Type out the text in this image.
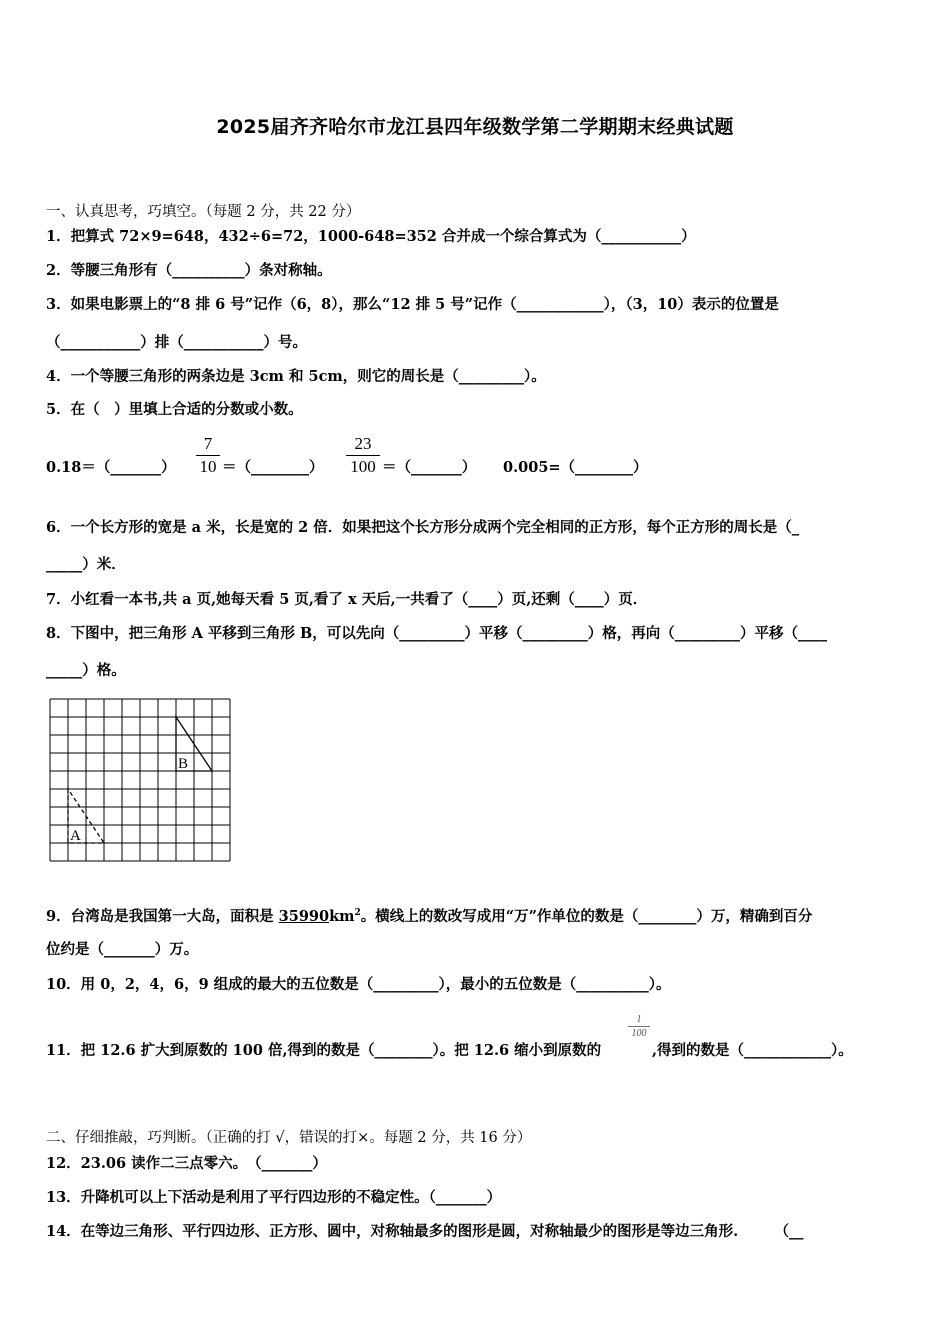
2025届齐齐哈尔市龙江县四年级数学第二学期期末经典试题
一、认真思考，巧填空。（每题 2 分，共 22 分）
1．把算式 72×9=648，432÷6=72，1000-648=352 合并成一个综合算式为（___________）
2．等腰三角形有（__________）条对称轴。
3．如果电影票上的“8 排 6 号”记作（6，8），那么“12 排 5 号”记作（____________），（3，10）表示的位置是
（___________）排（___________）号。
4．一个等腰三角形的两条边是 3cm 和 5cm，则它的周长是（_________）。
5．在（　）里填上合适的分数或小数。
0.18＝（_______）
7
10 ＝（________）
23
100 ＝（_______） 0.005=（________）
6．一个长方形的宽是 a 米，长是宽的 2 倍．如果把这个长方形分成两个完全相同的正方形，每个正方形的周长是（_
_____）米．
7．小红看一本书,共 a 页,她每天看 5 页,看了 x 天后,一共看了（____）页,还剩（____）页．
8．下图中，把三角形 A 平移到三角形 B，可以先向（_________）平移（_________）格，再向（_________）平移（____
_____）格。
A
B
9．台湾岛是我国第一大岛，面积是 $35990km^2$。横线上的数改写成用“万”作单位的数是（________）万，精确到百分
位约是（_______）万。
10．用 0，2，4，6，9 组成的最大的五位数是（_________），最小的五位数是（__________）。
11．把 12.6 扩大到原数的 100 倍,得到的数是（________）。把 12.6 缩小到原数的
1
100
,得到的数是（____________）。
二、仔细推敲，巧判断。（正确的打 √，错误的打×。每题 2 分，共 16 分）
12．23.06 读作二三点零六。　（_______）
13．升降机可以上下活动是利用了平行四边形的不稳定性。（_______）
14．在等边三角形、平行四边形、正方形、圆中，对称轴最多的图形是圆，对称轴最少的图形是等边三角形.　　　（__
